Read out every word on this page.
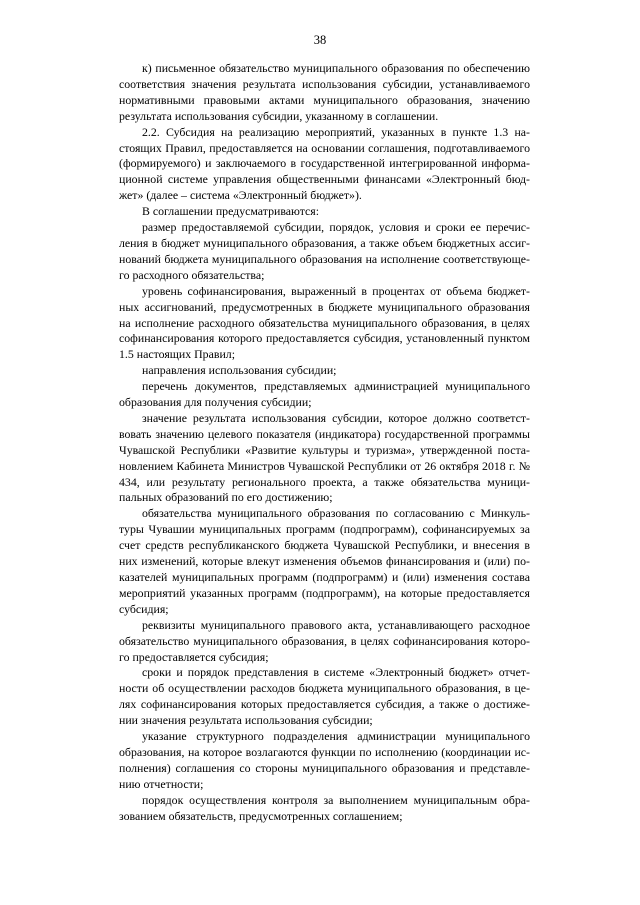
38

к) письменное обязательство муниципального образования по обеспечению соответствия значения результата использования субсидии, устанавливаемого нормативными правовыми актами муниципального образования, значению результата использования субсидии, указанному в соглашении.

2.2. Субсидия на реализацию мероприятий, указанных в пункте 1.3 настоящих Правил, предоставляется на основании соглашения, подготавливаемого (формируемого) и заключаемого в государственной интегрированной информационной системе управления общественными финансами «Электронный бюджет» (далее – система «Электронный бюджет»).

В соглашении предусматриваются:

размер предоставляемой субсидии, порядок, условия и сроки ее перечисления в бюджет муниципального образования, а также объем бюджетных ассигнований бюджета муниципального образования на исполнение соответствующего расходного обязательства;

уровень софинансирования, выраженный в процентах от объема бюджетных ассигнований, предусмотренных в бюджете муниципального образования на исполнение расходного обязательства муниципального образования, в целях софинансирования которого предоставляется субсидия, установленный пунктом 1.5 настоящих Правил;

направления использования субсидии;

перечень документов, представляемых администрацией муниципального образования для получения субсидии;

значение результата использования субсидии, которое должно соответствовать значению целевого показателя (индикатора) государственной программы Чувашской Республики «Развитие культуры и туризма», утвержденной постановлением Кабинета Министров Чувашской Республики от 26 октября 2018 г. № 434, или результату регионального проекта, а также обязательства муниципальных образований по его достижению;

обязательства муниципального образования по согласованию с Минкультуры Чувашии муниципальных программ (подпрограмм), софинансируемых за счет средств республиканского бюджета Чувашской Республики, и внесения в них изменений, которые влекут изменения объемов финансирования и (или) показателей муниципальных программ (подпрограмм) и (или) изменения состава мероприятий указанных программ (подпрограмм), на которые предоставляется субсидия;

реквизиты муниципального правового акта, устанавливающего расходное обязательство муниципального образования, в целях софинансирования которого предоставляется субсидия;

сроки и порядок представления в системе «Электронный бюджет» отчетности об осуществлении расходов бюджета муниципального образования, в целях софинансирования которых предоставляется субсидия, а также о достижении значения результата использования субсидии;

указание структурного подразделения администрации муниципального образования, на которое возлагаются функции по исполнению (координации исполнения) соглашения со стороны муниципального образования и представлению отчетности;

порядок осуществления контроля за выполнением муниципальным образованием обязательств, предусмотренных соглашением;
